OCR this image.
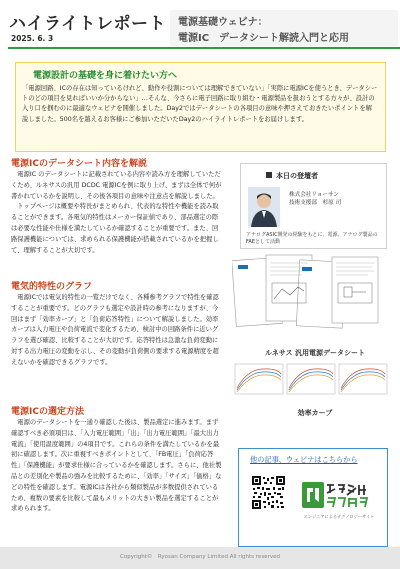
ハイライトレポート
2025. 6. 3
電源基礎ウェビナ：
電源IC　データシート解読入門と応用
電源設計の基礎を身に着けたい方へ
「電源回路、ICの存在は知っているけれど、動作や役割については理解できていない」「実際に電源ICを使うとき、データシートのどの項目を見ればいいか分からない」…そんな、今さらに電子回路に取り組む・電源製品を扱おうとする方々が、設計の入り口を掴むのに最適なウェビナを開催しました。Day2ではデータシートの各項目の意味や押さえておきたいポイントを解説しました。500名を越えるお客様にご参加いただいたDay2のハイライトレポートをお届けします。
電源ICのデータシート内容を解説

電源IC のデータシートに記載されている内容や読み方を理解していただくため、ルネサスの汎用 DCDC 電源ICを例に取り上げ、まずは全体で何が書かれているかを説明し、その後各項目の意味や注意点を解説しました。

トップページは概要や特長がまとめられ、代表的な特性や機能を読み取ることができます。各電気的特性はメーカー保証値であり、部品選定の際は必要な性能や仕様を満たしているか確認することが重要です。また、回路保護機能については、求められる保護機能が搭載されているかを把握して、理解することが大切です。

電気的特性のグラフ

電源ICでは電気的特性の一覧だけでなく、各種参考グラフで特性を確認することが重要です。どのグラフも選定や設計時の参考になりますが、今回はまず「効率カーブ」と「負荷応答特性」について解説しました。効率カーブは入力電圧や負荷電流で変化するため、検討中の回路条件に近いグラフを選び確認、比較することが大切です。応答特性は急激な負荷変動に対する出力電圧の変動を示し、その変動が負荷側の要求する電源精度を超えないかを確認できるグラフです。

電源ICの選定方法

電源のデータシートを一通り確認した後は、製品選定に進みます。まず確認すべき必須項目は、「入力電圧範囲」「出」「出力電圧範囲」「最大出力電流」「使用温度範囲」の4項目です。これらの条件を満たしているかを最初に確認します。次に重視すべきポイントとして、「FB電圧」「負荷応答性」「保護機能」が要求仕様に合っているかを確認します。さらに、他社製品との差別化や製品の強みを比較するために、「効率」「サイズ」「価格」などの特性を確認します。電源ICは各社から類似製品が多数提供されているため、複数の要素を比較して最もメリットの大きい製品を選定することが求められます。

本日の登壇者
株式会社リョーサン
技術支援部　杉原 司
アナログASIC開発の経験をもとに、電源、アナログ製品のFAEとして活動
ルネサス 汎用電源データシート
効率カーブ
他の記事、ウェビナはこちらから
エンジニアによるテクノロジーサイト
Copyright©　Ryosan Company Limited All rights reserved
